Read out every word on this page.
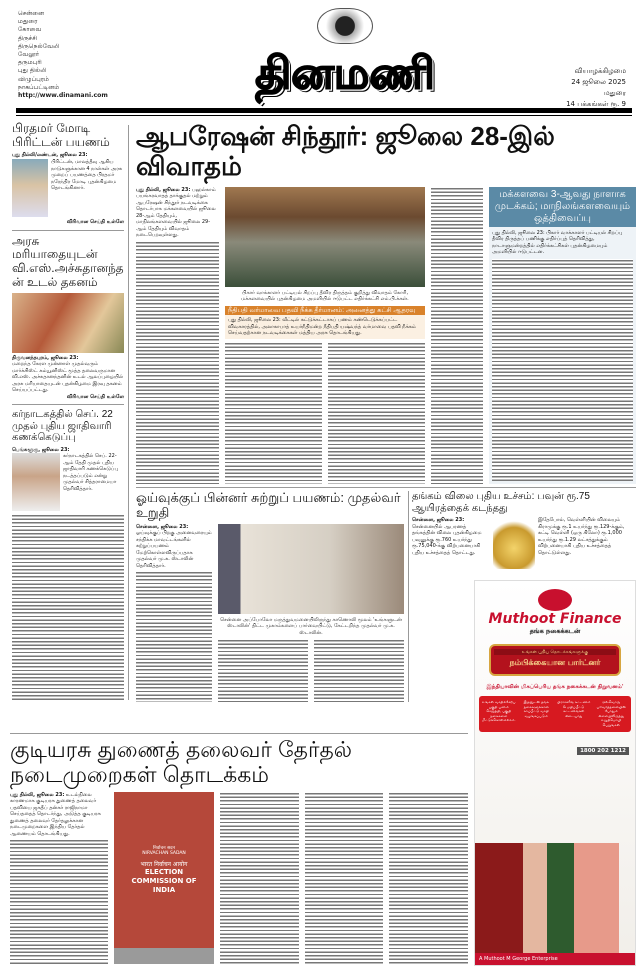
சென்னை
மதுரை
கோவை
திருச்சி
திருநெல்வேலி
வேலூர்
தருமபுரி
புது தில்லி
விழுப்புரம்
நாகப்பட்டினம்
http://www.dinamani.com	தினமணி	வியாழக்கிழமை
24 ஜூலை 2025
மதுரை
14 பக்கங்கள் ரூ. 9
பிரதமர் மோடி பிரிட்டன் பயணம்
புது தில்லி/லண்டன், ஜூலை 23:
பிரிட்டன், மாலத்தீவு ஆகிய நாடுகளுக்கான 4 நாள்கள் அரசு முறைப் பயணத்தை பிரதமர் நரேந்திர மோடி புதன்கிழமை தொடங்கினார்.
விரிவான செய்தி உள்ளே
அரசு மரியாதையுடன் வி.எஸ்.அச்சுதானந்தன் உடல் தகனம்
திருவனந்தபுரம், ஜூலை 23:
மறைந்த கேரள முன்னாள் முதல்வரும் மார்க்சிஸ்ட் கம்யூனிஸ்ட் மூத்த தலைவருமான வி.எஸ். அச்சுதானந்தனின் உடல் ஆலப்புழையில் அரசு மரியாதையுடன் புதன்கிழமை இரவு தகனம் செய்யப்பட்டது.
விரிவான செய்தி உள்ளே
கர்நாடகத்தில் செப். 22 முதல் புதிய ஜாதிவாரி கணக்கெடுப்பு
பெங்களூரு, ஜூலை 23:
கர்நாடகத்தில் செப். 22-ஆம் தேதி முதல் புதிய ஜாதிவாரி கணக்கெடுப்பு நடத்தப்படும் என்று முதல்வர் சித்தராமையா தெரிவித்தார்.
ஆபரேஷன் சிந்தூர்: ஜூலை 28-இல் விவாதம்
புது தில்லி, ஜூலை 23: பஹல்காம் பயங்கரவாதத் தாக்குதல் மற்றும் ஆபரேஷன் சிந்தூர் நடவடிக்கை தொடர்பாக மக்களவையில் ஜூலை 28-ஆம் தேதியும், மாநிலங்களவையில் ஜூலை 29-ஆம் தேதியும் விவாதம் நடைபெறவுள்ளது.
பிகார் வாக்காளர் பட்டியல் சிறப்பு தீவிர திருத்தம் குறித்து விவாதம் கோரி, மக்களவையில் புதன்கிழமை அமளியில் ஈடுபட்ட எதிர்க்கட்சி எம்.பி.க்கள்.
நீதிபதி வர்மாவை பதவி நீக்க தீர்மானம்: அனைத்து கட்சி ஆதரவு
புது தில்லி, ஜூலை 23: வீட்டில் கட்டுக்கட்டாகப் பணம் கண்டெடுக்கப்பட்ட விவகாரத்தில், அலாகாபாத் உயர்நீதிமன்ற நீதிபதி யஷ்வந்த் வர்மாவை பதவி நீக்கம் செய்வதற்கான நடவடிக்கைகள் மத்திய அரசு தொடங்கியது.
மக்களவை 3-ஆவது நாளாக முடக்கம்; மாநிலங்களவையும் ஒத்திவைப்பு
புது தில்லி, ஜூலை 23: பிகார் வாக்காளர் பட்டியல் சிறப்பு தீவிர திருத்தப் பணிக்கு எதிர்ப்புத் தெரிவித்து, நாடாளுமன்றத்தில் எதிர்க்கட்சிகள் புதன்கிழமையும் அமளியில் ஈடுபட்டன.
ஓய்வுக்குப் பின்னர் சுற்றுப் பயணம்: முதல்வர் உறுதி
சென்னை, ஜூலை 23: ஓய்வுக்குப் பிறகு அனைவரையும் சந்திக்க மாவட்டங்களில் சுற்றுப்பயணம் மேற்கொள்ளவிருப்பதாக முதல்வர் மு.க. ஸ்டாலின் தெரிவித்தார்.
சென்னை அப்போலோ மருத்துவமனையிலிருந்து காணொலி மூலம் 'உங்களுடன் ஸ்டாலின்' திட்ட முகாம்களைப் பார்வையிட்டு, கேட்டறிந்த முதல்வர் மு.க. ஸ்டாலின்.
தங்கம் விலை புதிய உச்சம்: பவுன் ரூ.75 ஆயிரத்தைக் கடந்தது
சென்னை, ஜூலை 23: சென்னையில் ஆபரணத் தங்கத்தின் விலை புதன்கிழமை பவுனுக்கு ரூ.760 உயர்ந்து ரூ.75,040-க்கு விற்பனையாகி புதிய உச்சத்தைத் தொட்டது.
இதேபோல், வெள்ளியின் விலையும் கிராமுக்கு ரூ.1 உயர்ந்து ரூ.129-க்கும், கட்டி வெள்ளி (ஒரு கிலோ) ரூ.1,000 உயர்ந்து ரூ.1.29 லட்சத்துக்கும் விற்பனையாகி புதிய உச்சத்தைத் தொட்டுள்ளது.
Muthoot Finance
தங்க நகைக்கடன்
உங்கள் புதிய தொடக்கங்களுக்கு
நம்பிக்கையான பார்ட்னர்
இந்தியாவின் மிகப்பெரிய தங்க நகைக்கடன் நிறுவனம்'
உங்கள் வசதிக்கேற்ப பகுதி பணம் செலுத்தி, பகுதி நகைகளை மீட்டுக்கொள்ளலாம்.
இதனுடன் தங்க நகைகளுக்கான காப்பீட்டு வசதி வழங்கப்படும்
பிராசஸிங் கட்டணம் & மதிப்பீட்டு கட்டணங்கள் கிடையாது
ஒவ்வொரு பரிவர்த்தனையின் போதும் கிளையிலிருந்து உறுதிமொழி பெறுங்கள்
1800 202 1212
A Muthoot M George Enterprise
குடியரசு துணைத் தலைவர் தேர்தல் நடைமுறைகள் தொடக்கம்
புது தில்லி, ஜூலை 23: உடல்நிலை காரணமாக குடியரசு துணைத் தலைவர் பதவியை ஜகதீப் தன்கர் ராஜிநாமா செய்ததைத் தொடர்ந்து, அடுத்த குடியரசு துணைத் தலைவர் தேர்தலுக்கான நடைமுறைகளை இந்திய தேர்தல் ஆணையம் தொடங்கியது.
निर्वाचन सदन
NIRVACHAN SADAN
भारत निर्वाचन आयोग
ELECTION COMMISSION OF INDIA
